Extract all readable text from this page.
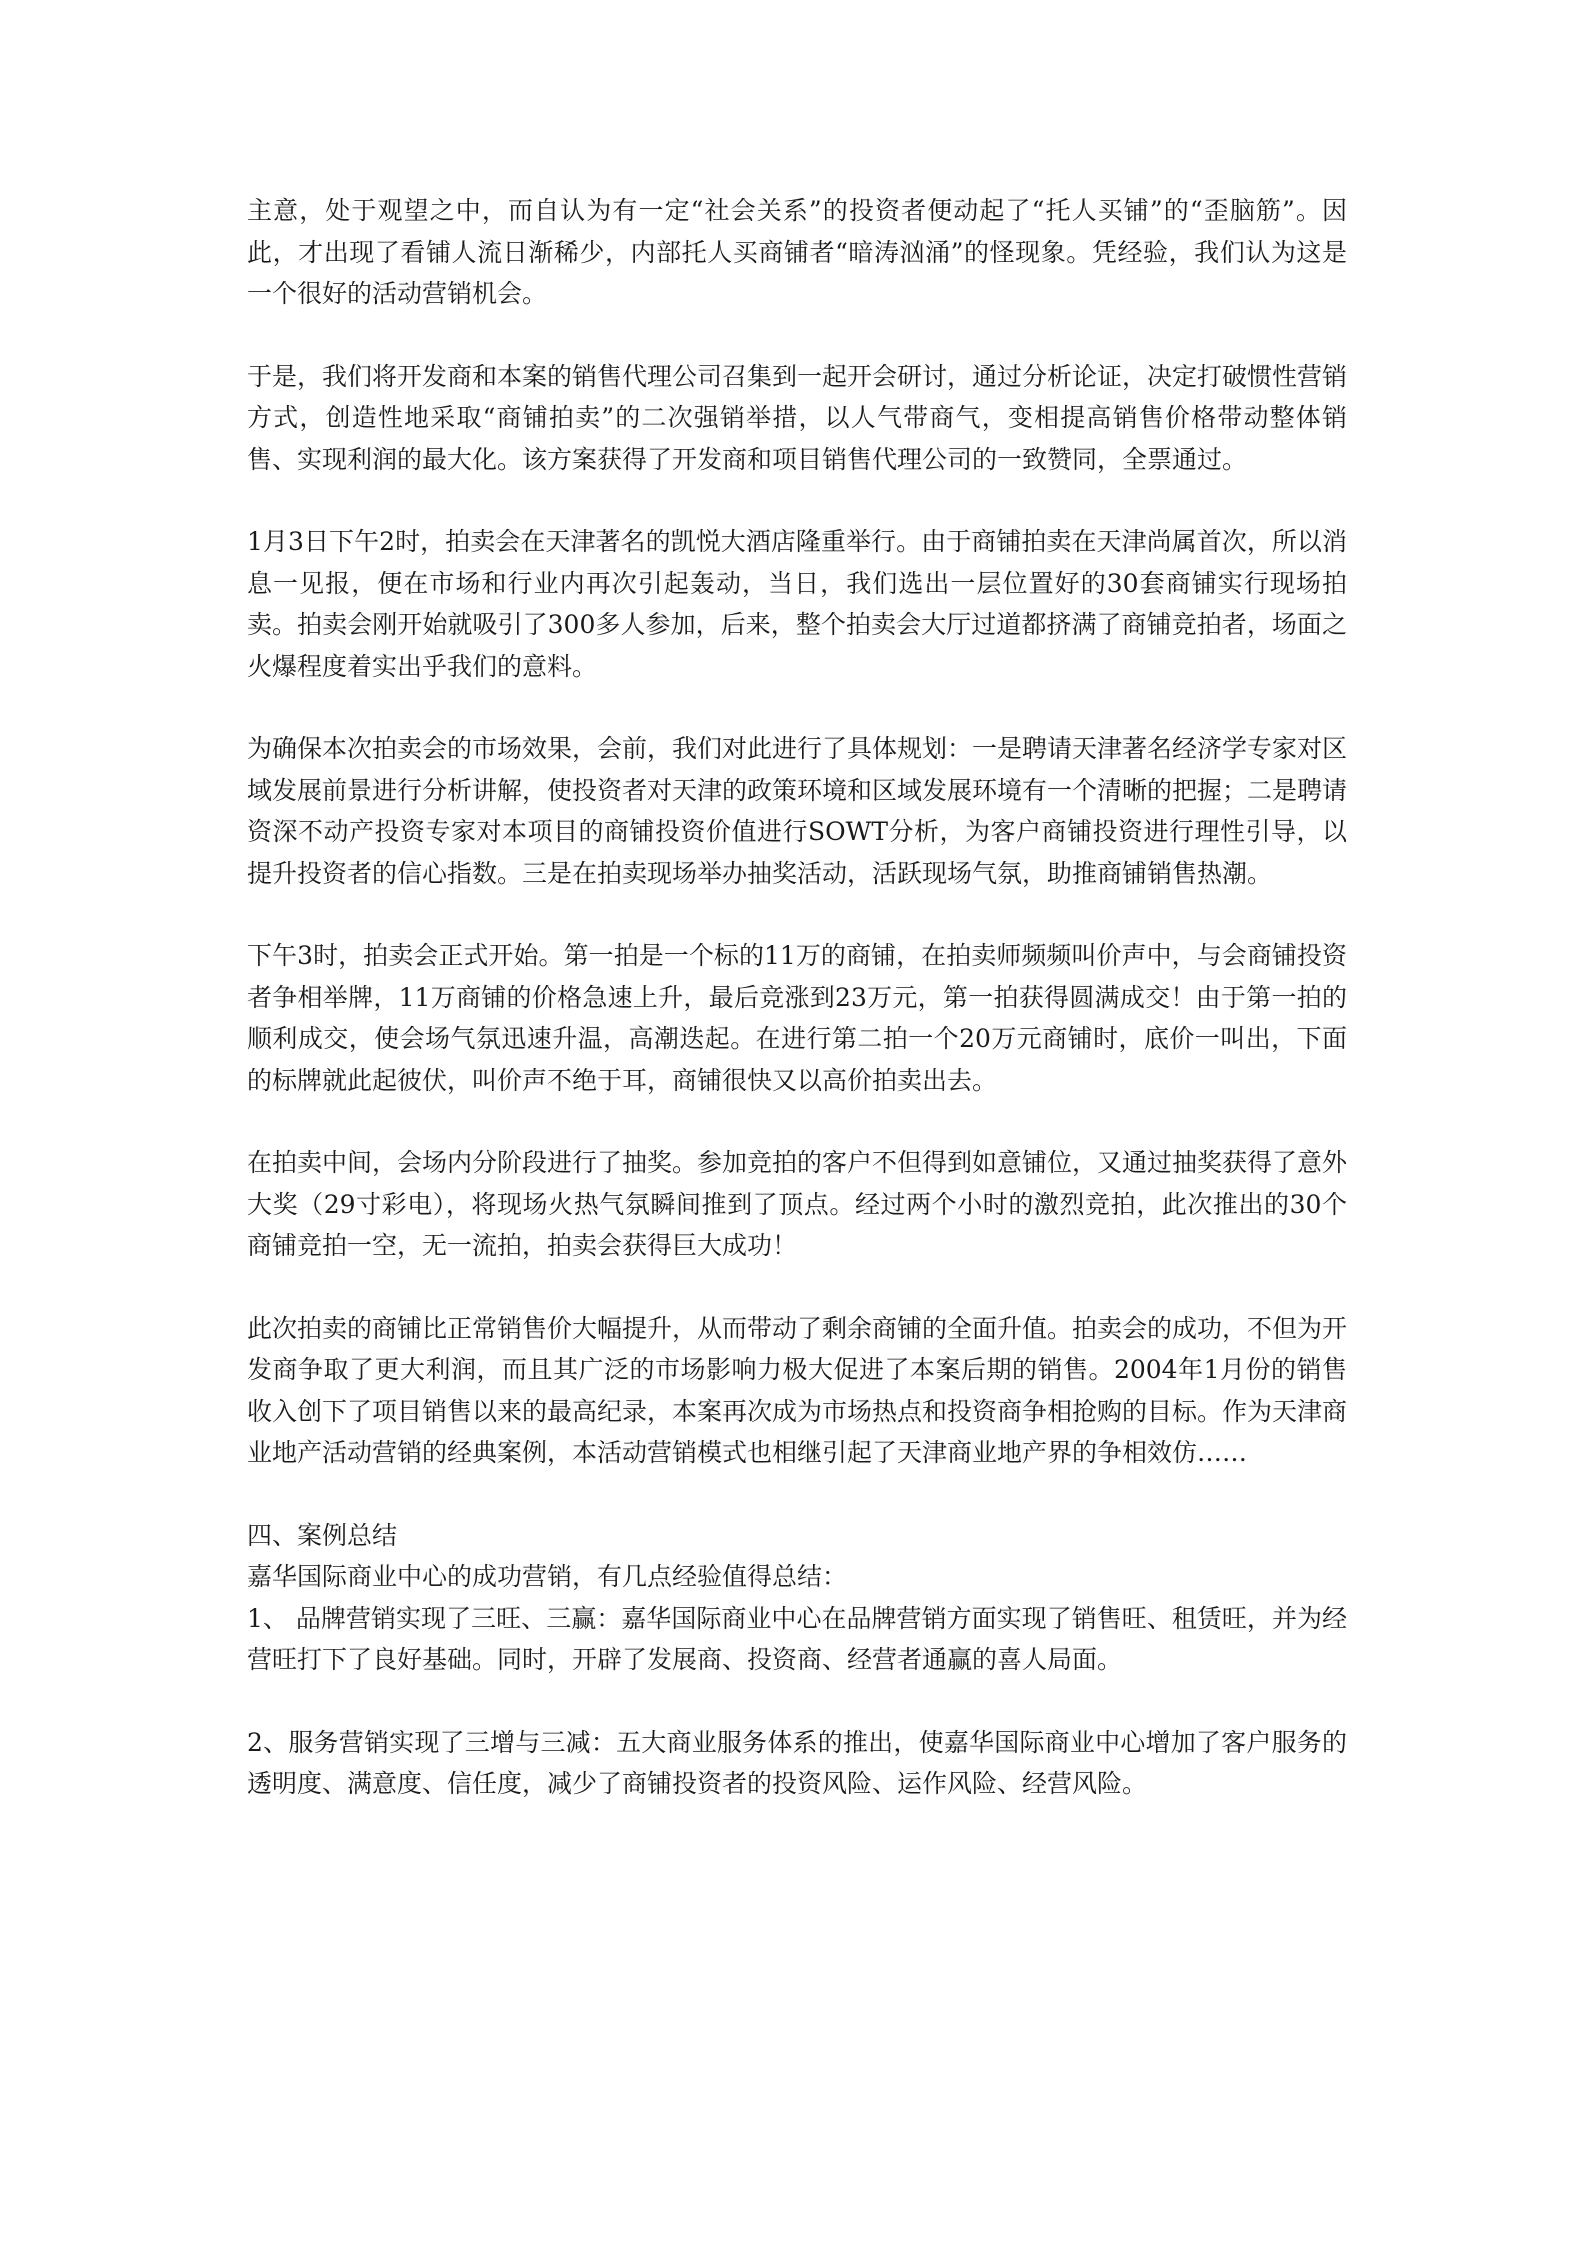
主意，处于观望之中，而自认为有一定“社会关系”的投资者便动起了“托人买铺”的“歪脑筋”。因此，才出现了看铺人流日渐稀少，内部托人买商铺者“暗涛汹涌”的怪现象。凭经验，我们认为这是一个很好的活动营销机会。

于是，我们将开发商和本案的销售代理公司召集到一起开会研讨，通过分析论证，决定打破惯性营销方式，创造性地采取“商铺拍卖”的二次强销举措，以人气带商气，变相提高销售价格带动整体销售、实现利润的最大化。该方案获得了开发商和项目销售代理公司的一致赞同，全票通过。

1月3日下午2时，拍卖会在天津著名的凯悦大酒店隆重举行。由于商铺拍卖在天津尚属首次，所以消息一见报，便在市场和行业内再次引起轰动，当日，我们选出一层位置好的30套商铺实行现场拍卖。拍卖会刚开始就吸引了300多人参加，后来，整个拍卖会大厅过道都挤满了商铺竞拍者，场面之火爆程度着实出乎我们的意料。

为确保本次拍卖会的市场效果，会前，我们对此进行了具体规划：一是聘请天津著名经济学专家对区域发展前景进行分析讲解，使投资者对天津的政策环境和区域发展环境有一个清晰的把握；二是聘请资深不动产投资专家对本项目的商铺投资价值进行SOWT分析，为客户商铺投资进行理性引导，以提升投资者的信心指数。三是在拍卖现场举办抽奖活动，活跃现场气氛，助推商铺销售热潮。

下午3时，拍卖会正式开始。第一拍是一个标的11万的商铺，在拍卖师频频叫价声中，与会商铺投资者争相举牌，11万商铺的价格急速上升，最后竞涨到23万元，第一拍获得圆满成交！由于第一拍的顺利成交，使会场气氛迅速升温，高潮迭起。在进行第二拍一个20万元商铺时，底价一叫出，下面的标牌就此起彼伏，叫价声不绝于耳，商铺很快又以高价拍卖出去。

在拍卖中间，会场内分阶段进行了抽奖。参加竞拍的客户不但得到如意铺位，又通过抽奖获得了意外大奖（29寸彩电），将现场火热气氛瞬间推到了顶点。经过两个小时的激烈竞拍，此次推出的30个商铺竞拍一空，无一流拍，拍卖会获得巨大成功！

此次拍卖的商铺比正常销售价大幅提升，从而带动了剩余商铺的全面升值。拍卖会的成功，不但为开发商争取了更大利润，而且其广泛的市场影响力极大促进了本案后期的销售。2004年1月份的销售收入创下了项目销售以来的最高纪录，本案再次成为市场热点和投资商争相抢购的目标。作为天津商业地产活动营销的经典案例，本活动营销模式也相继引起了天津商业地产界的争相效仿……

四、案例总结

嘉华国际商业中心的成功营销，有几点经验值得总结：

1、 品牌营销实现了三旺、三赢：嘉华国际商业中心在品牌营销方面实现了销售旺、租赁旺，并为经营旺打下了良好基础。同时，开辟了发展商、投资商、经营者通赢的喜人局面。

2、服务营销实现了三增与三减：五大商业服务体系的推出，使嘉华国际商业中心增加了客户服务的透明度、满意度、信任度，减少了商铺投资者的投资风险、运作风险、经营风险。
